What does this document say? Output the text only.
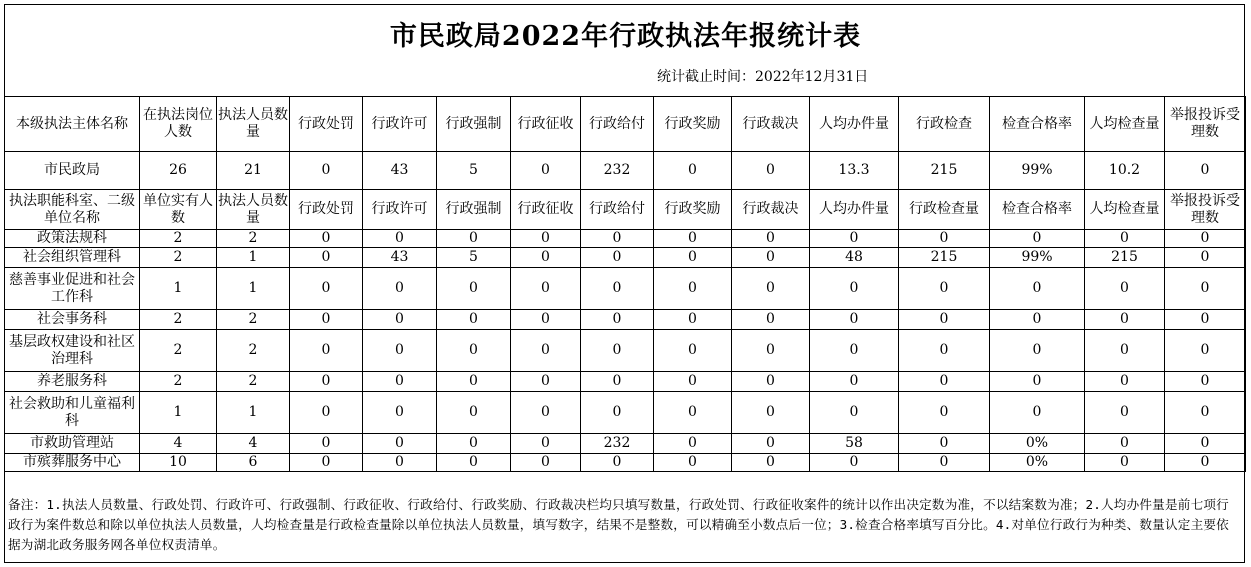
市民政局2022年行政执法年报统计表
统计截止时间：2022年12月31日
本级执法主体名称	在执法岗位人数	执法人员数量	行政处罚	行政许可	行政强制	行政征收	行政给付	行政奖励	行政裁决	人均办件量	行政检查	检查合格率	人均检查量	举报投诉受理数
市民政局	26	21	0	43	5	0	232	0	0	13.3	215	99%	10.2	0
执法职能科室、二级单位名称	单位实有人数	执法人员数量	行政处罚	行政许可	行政强制	行政征收	行政给付	行政奖励	行政裁决	人均办件量	行政检查量	检查合格率	人均检查量	举报投诉受理数
政策法规科	2	2	0	0	0	0	0	0	0	0	0	0	0	0
社会组织管理科	2	1	0	43	5	0	0	0	0	48	215	99%	215	0
慈善事业促进和社会工作科	1	1	0	0	0	0	0	0	0	0	0	0	0	0
社会事务科	2	2	0	0	0	0	0	0	0	0	0	0	0	0
基层政权建设和社区治理科	2	2	0	0	0	0	0	0	0	0	0	0	0	0
养老服务科	2	2	0	0	0	0	0	0	0	0	0	0	0	0
社会救助和儿童福利科	1	1	0	0	0	0	0	0	0	0	0	0	0	0
市救助管理站	4	4	0	0	0	0	232	0	0	58	0	0%	0	0
市殡葬服务中心	10	6	0	0	0	0	0	0	0	0	0	0%	0	0
备注：1.执法人员数量、行政处罚、行政许可、行政强制、行政征收、行政给付、行政奖励、行政裁决栏均只填写数量，行政处罚、行政征收案件的统计以作出决定数为准，不以结案数为准；2.人均办件量是前七项行政行为案件数总和除以单位执法人员数量，人均检查量是行政检查量除以单位执法人员数量，填写数字，结果不是整数，可以精确至小数点后一位；3.检查合格率填写百分比。4.对单位行政行为种类、数量认定主要依据为湖北政务服务网各单位权责清单。
